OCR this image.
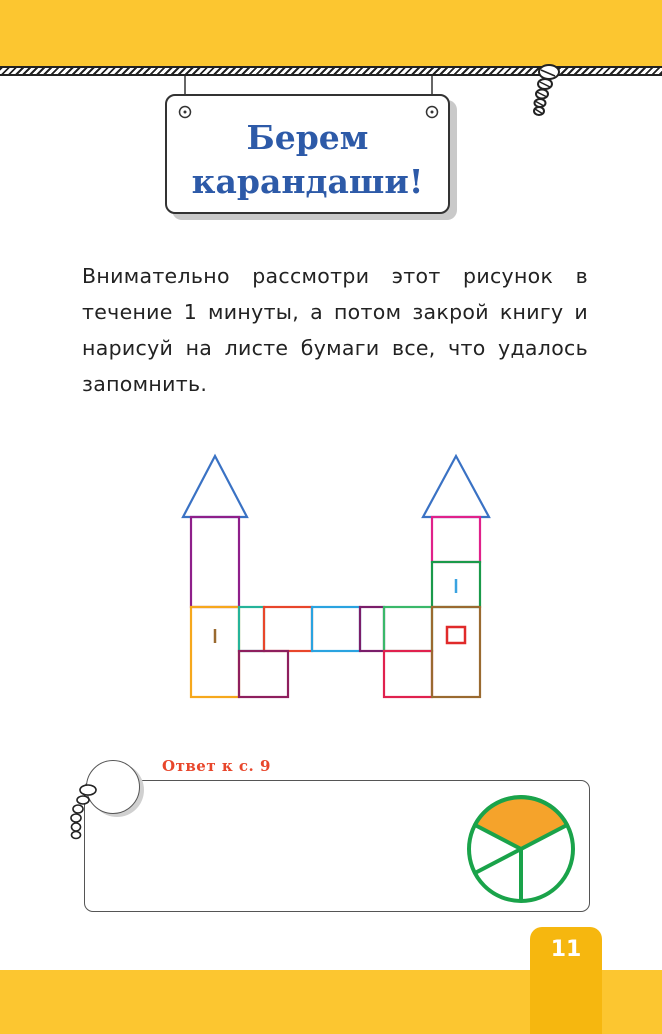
Берем
карандаши!
Внимательно рассмотри этот рисунок в течение 1 минуты, а потом закрой книгу и нарисуй на листе бумаги все, что удалось запомнить.
Ответ к с. 9
11
